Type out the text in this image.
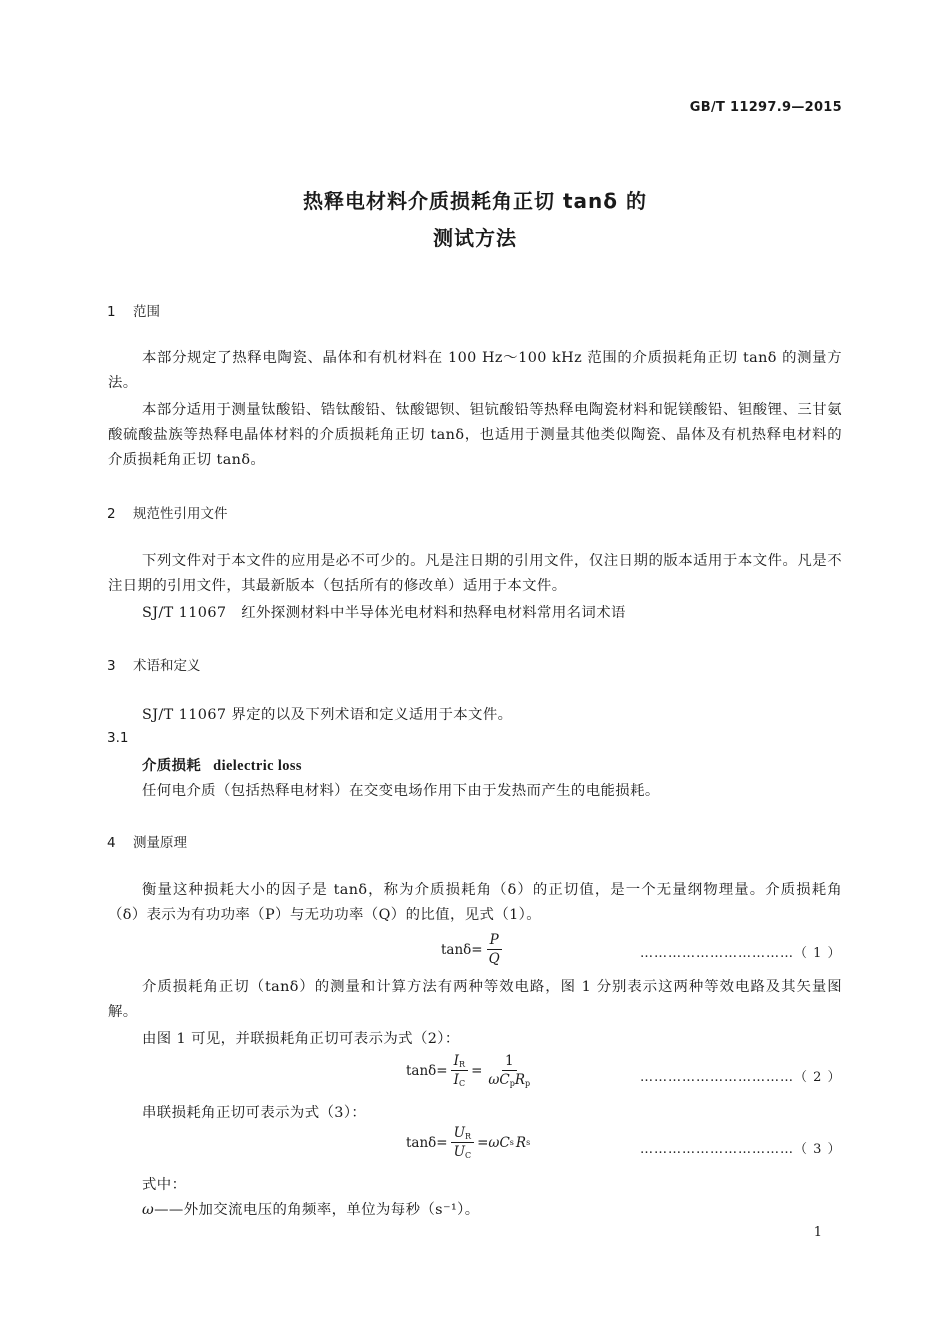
GB/T 11297.9—2015
热释电材料介质损耗角正切 tanδ 的
测试方法
1 范围

本部分规定了热释电陶瓷、晶体和有机材料在 100 Hz～100 kHz 范围的介质损耗角正切 tanδ 的测量方法。

本部分适用于测量钛酸铅、锆钛酸铅、钛酸锶钡、钽钪酸铅等热释电陶瓷材料和铌镁酸铅、钽酸锂、三甘氨酸硫酸盐族等热释电晶体材料的介质损耗角正切 tanδ，也适用于测量其他类似陶瓷、晶体及有机热释电材料的介质损耗角正切 tanδ。

2 规范性引用文件

下列文件对于本文件的应用是必不可少的。凡是注日期的引用文件，仅注日期的版本适用于本文件。凡是不注日期的引用文件，其最新版本（包括所有的修改单）适用于本文件。

SJ/T 11067　红外探测材料中半导体光电材料和热释电材料常用名词术语
3 术语和定义
SJ/T 11067 界定的以及下列术语和定义适用于本文件。
3.1
介质损耗 dielectric loss
任何电介质（包括热释电材料）在交变电场作用下由于发热而产生的电能损耗。
4 测量原理

衡量这种损耗大小的因子是 tanδ，称为介质损耗角（δ）的正切值，是一个无量纲物理量。介质损耗角（δ）表示为有功功率（P）与无功功率（Q）的比值，见式（1）。

$\tan\delta = \frac{P}{Q}$	……………………………（ 1 ）

介质损耗角正切（tanδ）的测量和计算方法有两种等效电路，图 1 分别表示这两种等效电路及其矢量图解。

由图 1 可见，并联损耗角正切可表示为式（2）：
$\tan\delta = \frac{I_R}{I_C} = \frac{1}{\omega C_pR_p}$	……………………………（ 2 ）
串联损耗角正切可表示为式（3）：
$\tan\delta = \frac{U_R}{U_C} =\omega C$ s R s	……………………………（ 3 ）
式中：
ω——外加交流电压的角频率，单位为每秒（s⁻¹）。
1
